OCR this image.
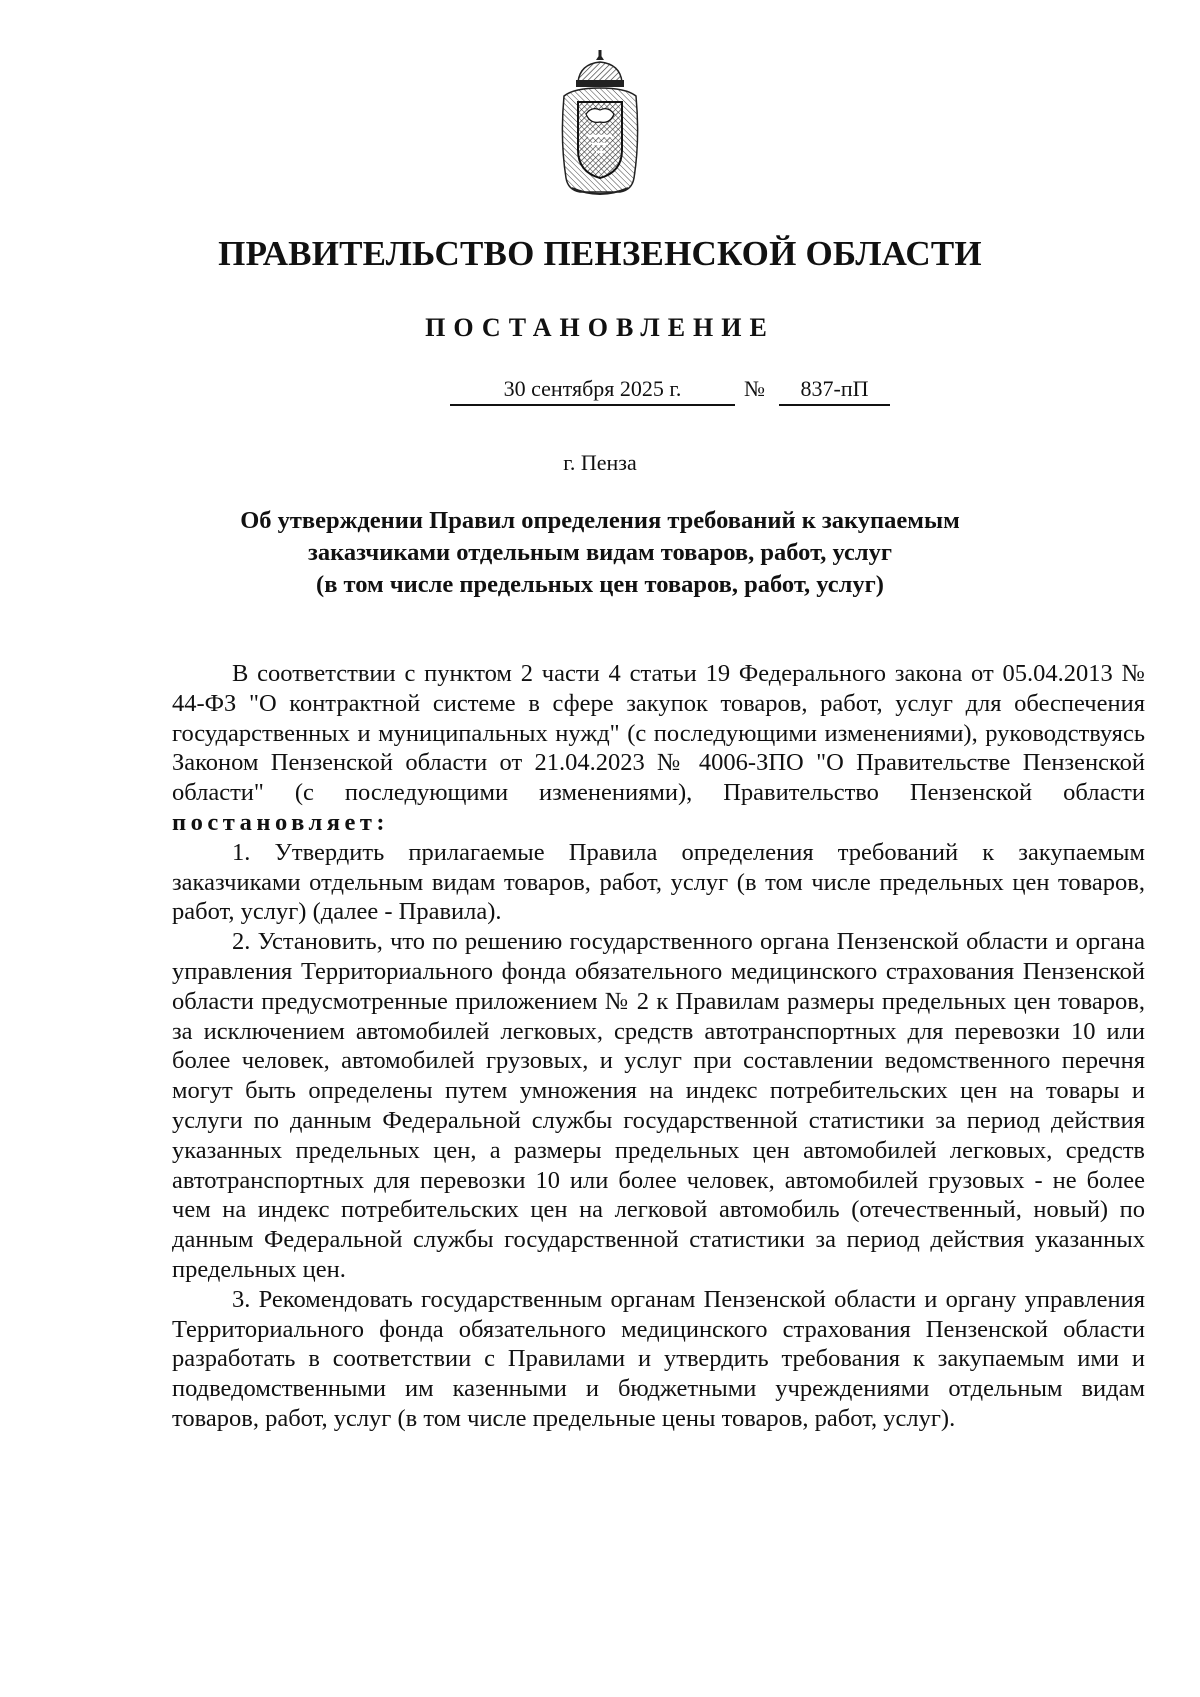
ПРАВИТЕЛЬСТВО ПЕНЗЕНСКОЙ ОБЛАСТИ
ПОСТАНОВЛЕНИЕ
30 сентября 2025 г.	№	837-пП
г. Пенза
Об утверждении Правил определения требований к закупаемым
заказчиками отдельным видам товаров, работ, услуг
(в том числе предельных цен товаров, работ, услуг)

В соответствии с пунктом 2 части 4 статьи 19 Федерального закона от 05.04.2013 № 44-ФЗ "О контрактной системе в сфере закупок товаров, работ, услуг для обеспечения государственных и муниципальных нужд" (с последующими изменениями), руководствуясь Законом Пензенской области от 21.04.2023 № 4006-ЗПО "О Правительстве Пензенской области" (с последующими изменениями), Правительство Пензенской области постановляет:

1. Утвердить прилагаемые Правила определения требований к закупаемым заказчиками отдельным видам товаров, работ, услуг (в том числе предельных цен товаров, работ, услуг) (далее - Правила).

2. Установить, что по решению государственного органа Пензенской области и органа управления Территориального фонда обязательного медицинского страхования Пензенской области предусмотренные приложением № 2 к Правилам размеры предельных цен товаров, за исключением автомобилей легковых, средств автотранспортных для перевозки 10 или более человек, автомобилей грузовых, и услуг при составлении ведомственного перечня могут быть определены путем умножения на индекс потребительских цен на товары и услуги по данным Федеральной службы государственной статистики за период действия указанных предельных цен, а размеры предельных цен автомобилей легковых, средств автотранспортных для перевозки 10 или более человек, автомобилей грузовых - не более чем на индекс потребительских цен на легковой автомобиль (отечественный, новый) по данным Федеральной службы государственной статистики за период действия указанных предельных цен.

3. Рекомендовать государственным органам Пензенской области и органу управления Территориального фонда обязательного медицинского страхования Пензенской области разработать в соответствии с Правилами и утвердить требования к закупаемым ими и подведомственными им казенными и бюджетными учреждениями отдельным видам товаров, работ, услуг (в том числе предельные цены товаров, работ, услуг).
